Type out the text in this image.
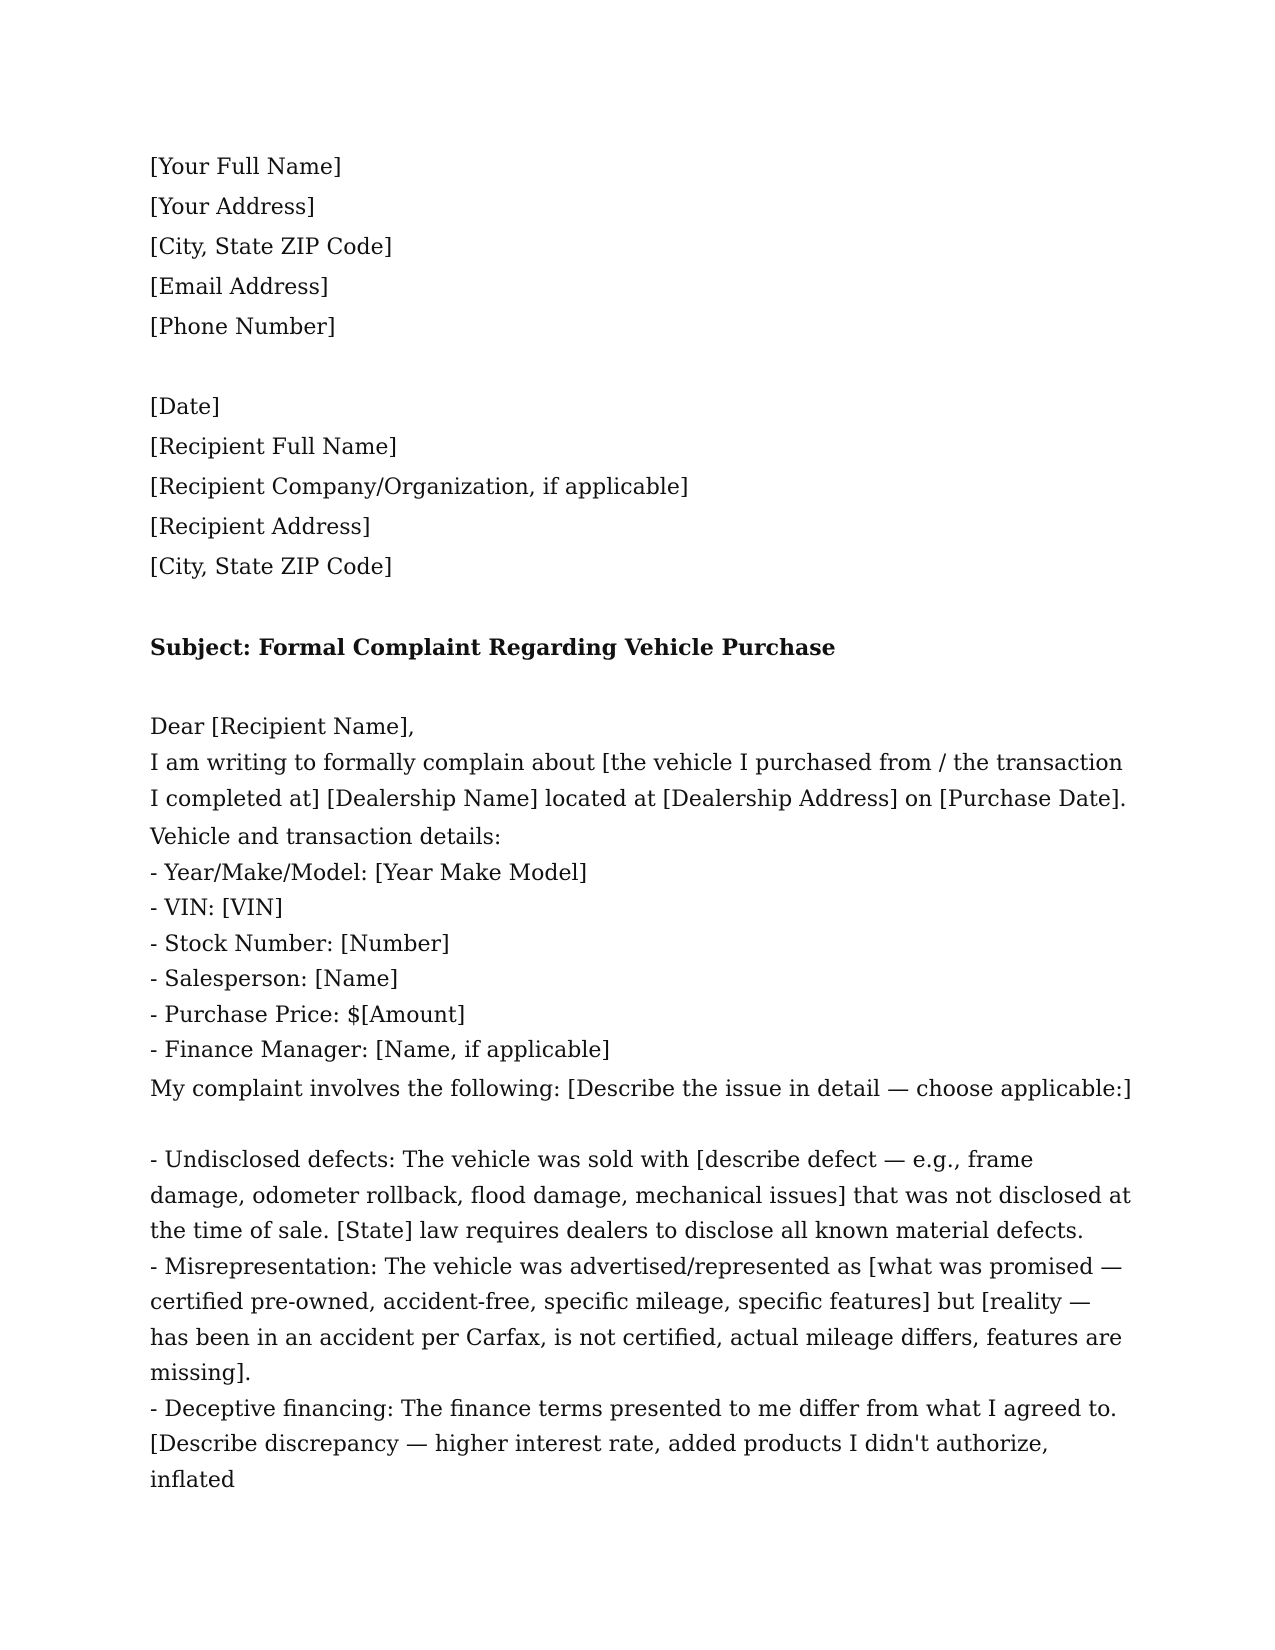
[Your Full Name]
[Your Address]
[City, State ZIP Code]
[Email Address]
[Phone Number]
[Date]
[Recipient Full Name]
[Recipient Company/Organization, if applicable]
[Recipient Address]
[City, State ZIP Code]
Subject: Formal Complaint Regarding Vehicle Purchase
Dear [Recipient Name],

I am writing to formally complain about [the vehicle I purchased from / the transaction I completed at] [Dealership Name] located at [Dealership Address] on [Purchase Date].

Vehicle and transaction details:
- Year/Make/Model: [Year Make Model]
- VIN: [VIN]
- Stock Number: [Number]
- Salesperson: [Name]
- Purchase Price: $[Amount]
- Finance Manager: [Name, if applicable]
My complaint involves the following: [Describe the issue in detail — choose applicable:]

- Undisclosed defects: The vehicle was sold with [describe defect — e.g., frame damage, odometer rollback, flood damage, mechanical issues] that was not disclosed at the time of sale. [State] law requires dealers to disclose all known material defects.

- Misrepresentation: The vehicle was advertised/represented as [what was promised — certified pre-owned, accident-free, specific mileage, specific features] but [reality — has been in an accident per Carfax, is not certified, actual mileage differs, features are missing].

- Deceptive financing: The finance terms presented to me differ from what I agreed to. [Describe discrepancy — higher interest rate, added products I didn't authorize, inflated
